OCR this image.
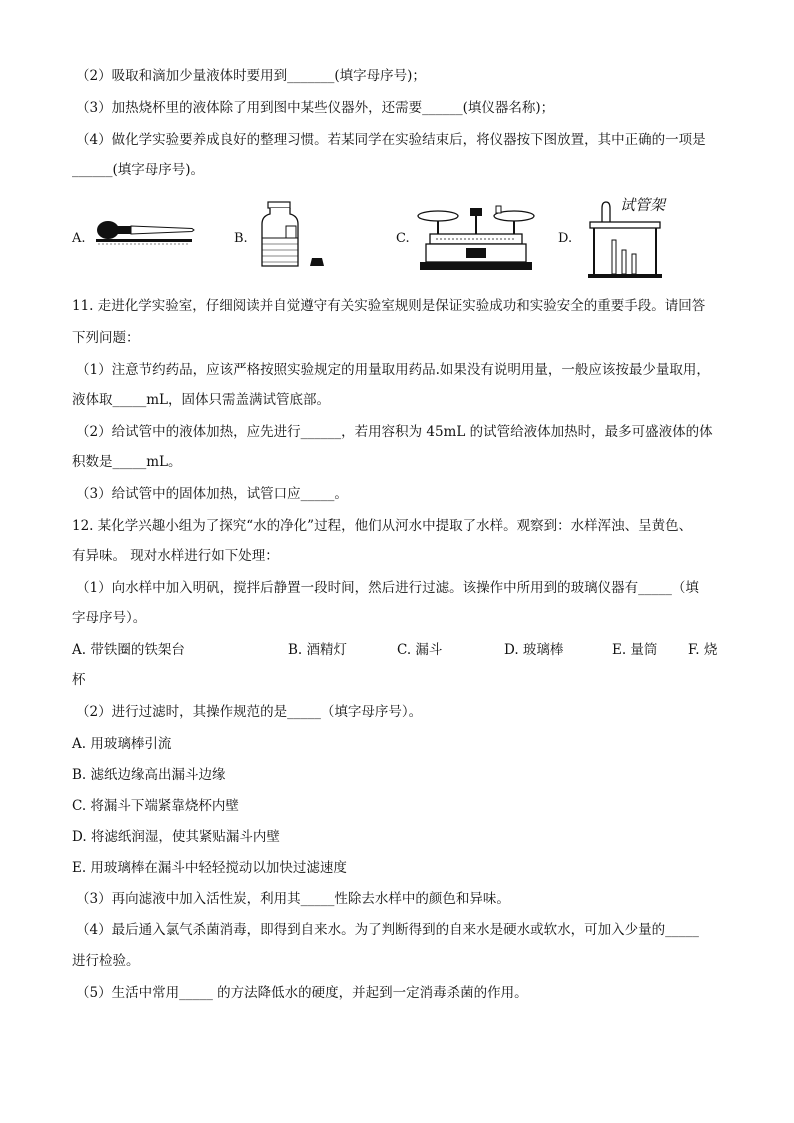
（2）吸取和滴加少量液体时要用到_______(填字母序号)；
（3）加热烧杯里的液体除了用到图中某些仪器外，还需要______(填仪器名称)；
（4）做化学实验要养成良好的整理习惯。若某同学在实验结束后，将仪器按下图放置，其中正确的一项是
______(填字母序号)。
A.	B.	C.	D.
试管架
11. 走进化学实验室，仔细阅读并自觉遵守有关实验室规则是保证实验成功和实验安全的重要手段。请回答
下列问题：
（1）注意节约药品，应该严格按照实验规定的用量取用药品.如果没有说明用量，一般应该按最少量取用，
液体取_____mL，固体只需盖满试管底部。
（2）给试管中的液体加热，应先进行______，若用容积为 45mL 的试管给液体加热时，最多可盛液体的体
积数是_____mL。
（3）给试管中的固体加热，试管口应_____。
12. 某化学兴趣小组为了探究“水的净化”过程，他们从河水中提取了水样。观察到：水样浑浊、呈黄色、
有异味。 现对水样进行如下处理：
（1）向水样中加入明矾，搅拌后静置一段时间，然后进行过滤。该操作中所用到的玻璃仪器有_____（填
字母序号）。
A. 带铁圈的铁架台	B. 酒精灯	C. 漏斗	D. 玻璃棒	E. 量筒 F. 烧
杯
（2）进行过滤时，其操作规范的是_____（填字母序号）。
A. 用玻璃棒引流
B. 滤纸边缘高出漏斗边缘
C. 将漏斗下端紧靠烧杯内壁
D. 将滤纸润湿，使其紧贴漏斗内壁
E. 用玻璃棒在漏斗中轻轻搅动以加快过滤速度
（3）再向滤液中加入活性炭，利用其_____性除去水样中的颜色和异味。
（4）最后通入氯气杀菌消毒，即得到自来水。为了判断得到的自来水是硬水或软水，可加入少量的_____
进行检验。
（5）生活中常用_____ 的方法降低水的硬度，并起到一定消毒杀菌的作用。
